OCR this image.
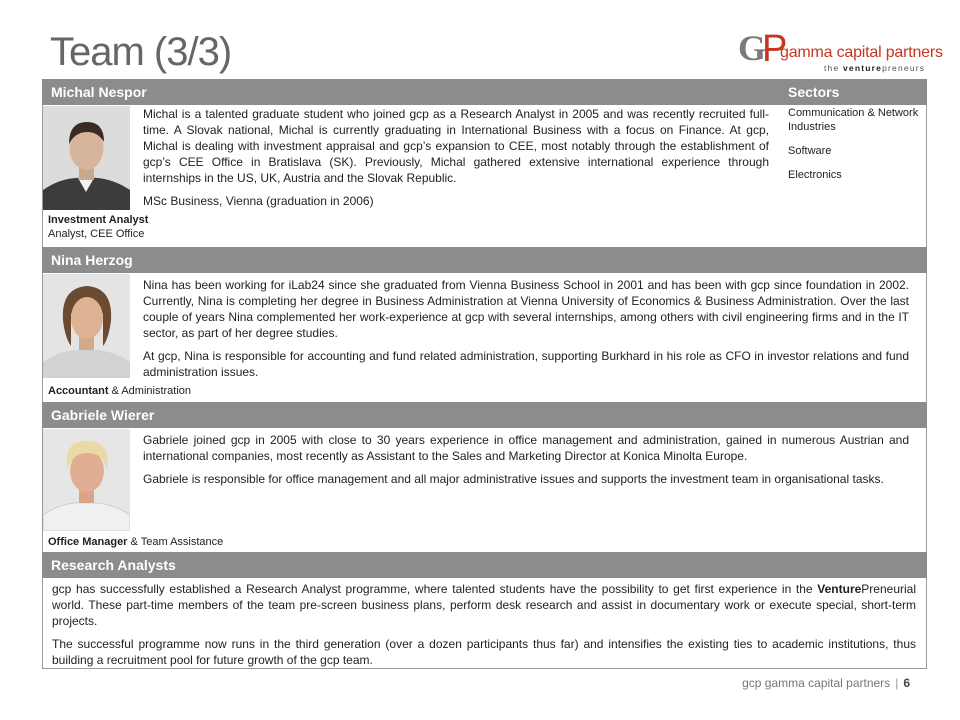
Team (3/3)	G
P
gamma capital partners
the venturepreneurs
Michal Nespor	Sectors
Investment Analyst
Analyst, CEE Office

Michal is a talented graduate student who joined gcp as a Research Analyst in 2005 and was recently recruited full-time. A Slovak national, Michal is currently graduating in International Business with a focus on Finance. At gcp, Michal is dealing with investment appraisal and gcp’s expansion to CEE, most notably through the establishment of gcp’s CEE Office in Bratislava (SK). Previously, Michal gathered extensive international experience through internships in the US, UK, Austria and the Slovak Republic.

MSc Business, Vienna (graduation in 2006)

Communication & Network Industries
Software
Electronics
Nina Herzog
Accountant & Administration

Nina has been working for iLab24 since she graduated from Vienna Business School in 2001 and has been with gcp since foundation in 2002. Currently, Nina is completing her degree in Business Administration at Vienna University of Economics & Business Administration. Over the last couple of years Nina complemented her work-experience at gcp with several internships, among others with civil engineering firms and in the IT sector, as part of her degree studies.

At gcp, Nina is responsible for accounting and fund related administration, supporting Burkhard in his role as CFO in investor relations and fund administration issues.

Gabriele Wierer
Office Manager & Team Assistance

Gabriele joined gcp in 2005 with close to 30 years experience in office management and administration, gained in numerous Austrian and international companies, most recently as Assistant to the Sales and Marketing Director at Konica Minolta Europe.

Gabriele is responsible for office management and all major administrative issues and supports the investment team in organisational tasks.

Research Analysts

gcp has successfully established a Research Analyst programme, where talented students have the possibility to get first experience in the VenturePreneurial world. These part-time members of the team pre-screen business plans, perform desk research and assist in documentary work or execute special, short-term projects.

The successful programme now runs in the third generation (over a dozen participants thus far) and intensifies the existing ties to academic institutions, thus building a recruitment pool for future growth of the gcp team.

gcp gamma capital partners | 6
